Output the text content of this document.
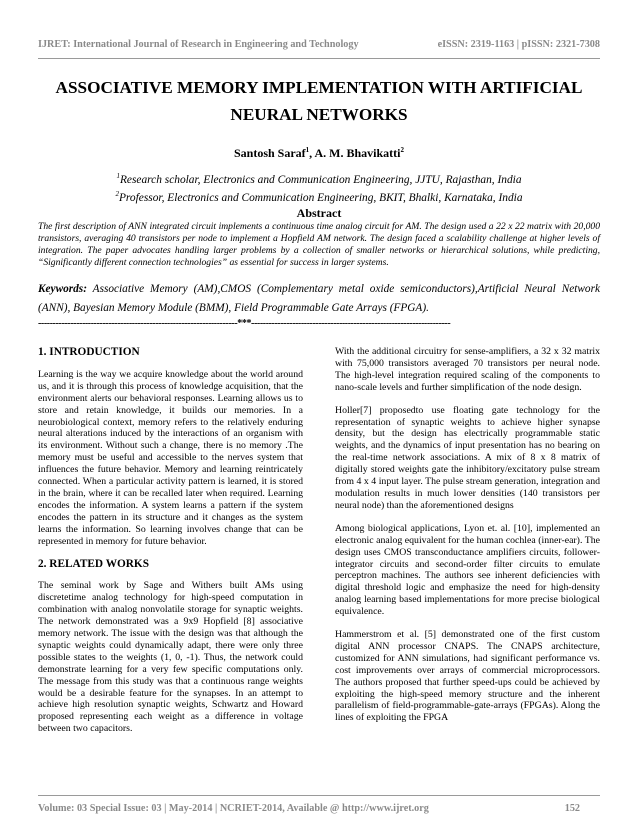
IJRET: International Journal of Research in Engineering and Technology	eISSN: 2319-1163 | pISSN: 2321-7308
ASSOCIATIVE MEMORY IMPLEMENTATION WITH ARTIFICIAL
NEURAL NETWORKS
Santosh Saraf$^1$, A. M. Bhavikatti$^2$
$^1$Research scholar, Electronics and Communication Engineering, JJTU, Rajasthan, India
$^2$Professor, Electronics and Communication Engineering, BKIT, Bhalki, Karnataka, India
Abstract
The first description of ANN integrated circuit implements a continuous time analog circuit for AM. The design used a 22 x 22 matrix with 20,000 transistors, averaging 40 transistors per node to implement a Hopfield AM network. The design faced a scalability challenge at higher levels of integration. The paper advocates handling larger problems by a collection of smaller networks or hierarchical solutions, while predicting, “Significantly different connection technologies” as essential for success in larger systems.
Keywords: Associative Memory (AM),CMOS (Complementary metal oxide semiconductors),Artificial Neural Network (ANN), Bayesian Memory Module (BMM), Field Programmable Gate Arrays (FPGA).
--------------------------------------------------------------------***--------------------------------------------------------------------
1. INTRODUCTION

Learning is the way we acquire knowledge about the world around us, and it is through this process of knowledge acquisition, that the environment alerts our behavioral responses. Learning allows us to store and retain knowledge, it builds our memories. In a neurobiological context, memory refers to the relatively enduring neural alterations induced by the interactions of an organism with its environment. Without such a change, there is no memory .The memory must be useful and accessible to the nerves system that influences the future behavior. Memory and learning reintricately connected. When a particular activity pattern is learned, it is stored in the brain, where it can be recalled later when required. Learning encodes the information. A system learns a pattern if the system encodes the pattern in its structure and it changes as the system learns the information. So learning involves change that can be represented in memory for future behavior.

2. RELATED WORKS

The seminal work by Sage and Withers built AMs using discretetime analog technology for high-speed computation in combination with analog nonvolatile storage for synaptic weights. The network demonstrated was a 9x9 Hopfield [8] associative memory network. The issue with the design was that although the synaptic weights could dynamically adapt, there were only three possible states to the weights (1, 0, -1). Thus, the network could demonstrate learning for a very few specific computations only. The message from this study was that a continuous range weights would be a desirable feature for the synapses. In an attempt to achieve high resolution synaptic weights, Schwartz and Howard proposed representing each weight as a difference in voltage between two capacitors.

With the additional circuitry for sense-amplifiers, a 32 x 32 matrix with 75,000 transistors averaged 70 transistors per neural node. The high-level integration required scaling of the components to nano-scale levels and further simplification of the node design.

Holler[7] proposedto use floating gate technology for the representation of synaptic weights to achieve higher synapse density, but the design has electrically programmable static weights, and the dynamics of input presentation has no bearing on the real-time network associations. A mix of 8 x 8 matrix of digitally stored weights gate the inhibitory/excitatory pulse stream from 4 x 4 input layer. The pulse stream generation, integration and modulation results in much lower densities (140 transistors per neural node) than the aforementioned designs

Among biological applications, Lyon et. al. [10], implemented an electronic analog equivalent for the human cochlea (inner-ear). The design uses CMOS transconductance amplifiers circuits, follower-integrator circuits and second-order filter circuits to emulate perceptron machines. The authors see inherent deficiencies with digital threshold logic and emphasize the need for high-density analog learning based implementations for more precise biological equivalence.

Hammerstrom et al. [5] demonstrated one of the first custom digital ANN processor CNAPS. The CNAPS architecture, customized for ANN simulations, had significant performance vs. cost improvements over arrays of commercial microprocessors. The authors proposed that further speed-ups could be achieved by exploiting the high-speed memory structure and the inherent parallelism of field-programmable-gate-arrays (FPGAs). Along the lines of exploiting the FPGA

Volume: 03 Special Issue: 03 | May-2014 | NCRIET-2014, Available @ http://www.ijret.org	152
